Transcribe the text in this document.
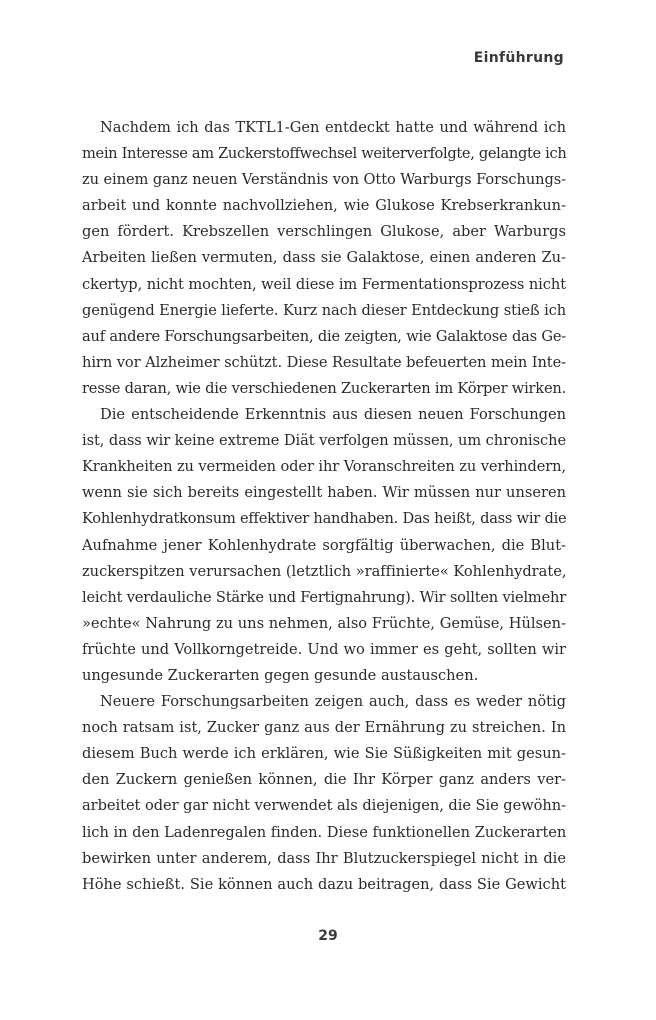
Einführung

Nachdem ich das TKTL1-Gen entdeckt hatte und während ich
mein Interesse am Zuckerstoffwechsel weiterverfolgte, gelangte ich
zu einem ganz neuen Verständnis von Otto Warburgs Forschungs-
arbeit und konnte nachvollziehen, wie Glukose Krebserkrankun-
gen fördert. Krebszellen verschlingen Glukose, aber Warburgs
Arbeiten ließen vermuten, dass sie Galaktose, einen anderen Zu-
ckertyp, nicht mochten, weil diese im Fermentationsprozess nicht
genügend Energie lieferte. Kurz nach dieser Entdeckung stieß ich
auf andere Forschungsarbeiten, die zeigten, wie Galaktose das Ge-
hirn vor Alzheimer schützt. Diese Resultate befeuerten mein Inte-
resse daran, wie die verschiedenen Zuckerarten im Körper wirken.

Die entscheidende Erkenntnis aus diesen neuen Forschungen
ist, dass wir keine extreme Diät verfolgen müssen, um chronische
Krankheiten zu vermeiden oder ihr Voranschreiten zu verhindern,
wenn sie sich bereits eingestellt haben. Wir müssen nur unseren
Kohlenhydratkonsum effektiver handhaben. Das heißt, dass wir die
Aufnahme jener Kohlenhydrate sorgfältig überwachen, die Blut-
zuckerspitzen verursachen (letztlich »raffinierte« Kohlenhydrate,
leicht verdauliche Stärke und Fertignahrung). Wir sollten vielmehr
»echte« Nahrung zu uns nehmen, also Früchte, Gemüse, Hülsen-
früchte und Vollkorngetreide. Und wo immer es geht, sollten wir
ungesunde Zuckerarten gegen gesunde austauschen.

Neuere Forschungsarbeiten zeigen auch, dass es weder nötig
noch ratsam ist, Zucker ganz aus der Ernährung zu streichen. In
diesem Buch werde ich erklären, wie Sie Süßigkeiten mit gesun-
den Zuckern genießen können, die Ihr Körper ganz anders ver-
arbeitet oder gar nicht verwendet als diejenigen, die Sie gewöhn-
lich in den Ladenregalen finden. Diese funktionellen Zuckerarten
bewirken unter anderem, dass Ihr Blutzuckerspiegel nicht in die
Höhe schießt. Sie können auch dazu beitragen, dass Sie Gewicht

29
